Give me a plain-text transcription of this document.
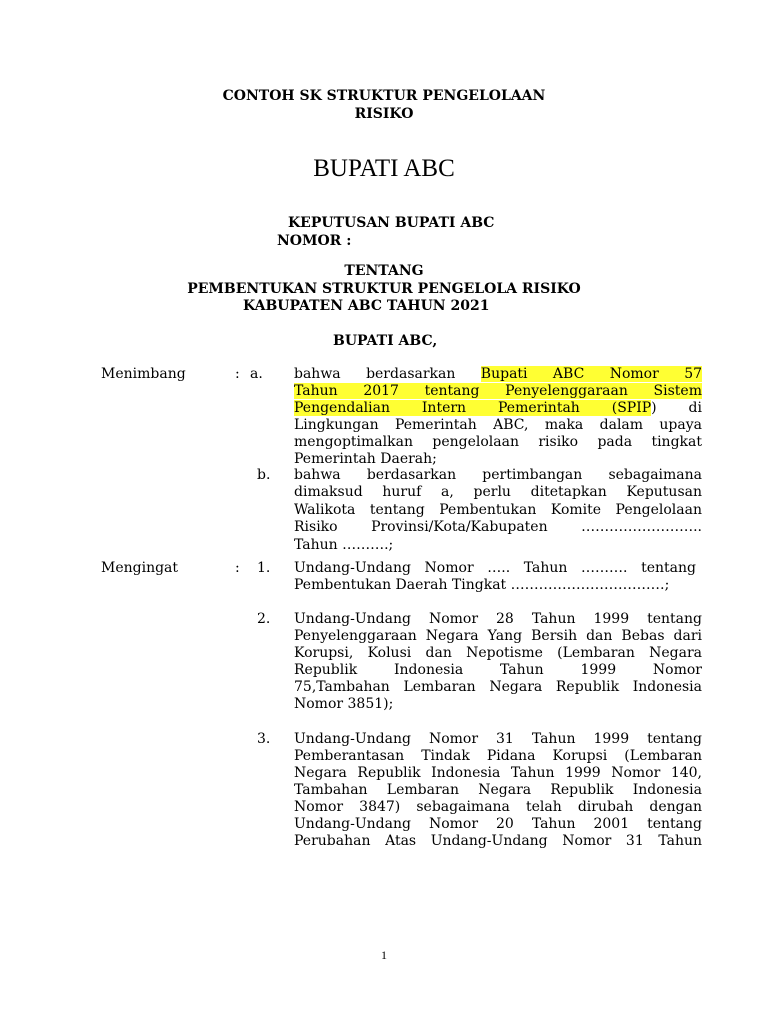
CONTOH SK STRUKTUR PENGELOLAAN
RISIKO
BUPATI ABC
KEPUTUSAN BUPATI ABC
NOMOR :
TENTANG
PEMBENTUKAN STRUKTUR PENGELOLA RISIKO
KABUPATEN ABC TAHUN 2021
BUPATI ABC,
Menimbang	: a. bahwa berdasarkan Bupati ABC Nomor 57
Tahun 2017 tentang Penyelenggaraan Sistem
Pengendalian Intern Pemerintah (SPIP) di
Lingkungan Pemerintah ABC, maka dalam upaya
mengoptimalkan pengelolaan risiko pada tingkat
Pemerintah Daerah;
b. bahwa berdasarkan pertimbangan sebagaimana
dimaksud huruf a, perlu ditetapkan Keputusan
Walikota tentang Pembentukan Komite Pengelolaan
Risiko Provinsi/Kota/Kabupaten ……………………..
Tahun ……….;
Mengingat	: 1. Undang-Undang Nomor ….. Tahun ………. tentang
Pembentukan Daerah Tingkat ……………………………;
2. Undang-Undang Nomor 28 Tahun 1999 tentang
Penyelenggaraan Negara Yang Bersih dan Bebas dari
Korupsi, Kolusi dan Nepotisme (Lembaran Negara
Republik Indonesia Tahun 1999 Nomor
75,Tambahan Lembaran Negara Republik Indonesia
Nomor 3851);
3. Undang-Undang Nomor 31 Tahun 1999 tentang
Pemberantasan Tindak Pidana Korupsi (Lembaran
Negara Republik Indonesia Tahun 1999 Nomor 140,
Tambahan Lembaran Negara Republik Indonesia
Nomor 3847) sebagaimana telah dirubah dengan
Undang-Undang Nomor 20 Tahun 2001 tentang
Perubahan Atas Undang-Undang Nomor 31 Tahun
1
